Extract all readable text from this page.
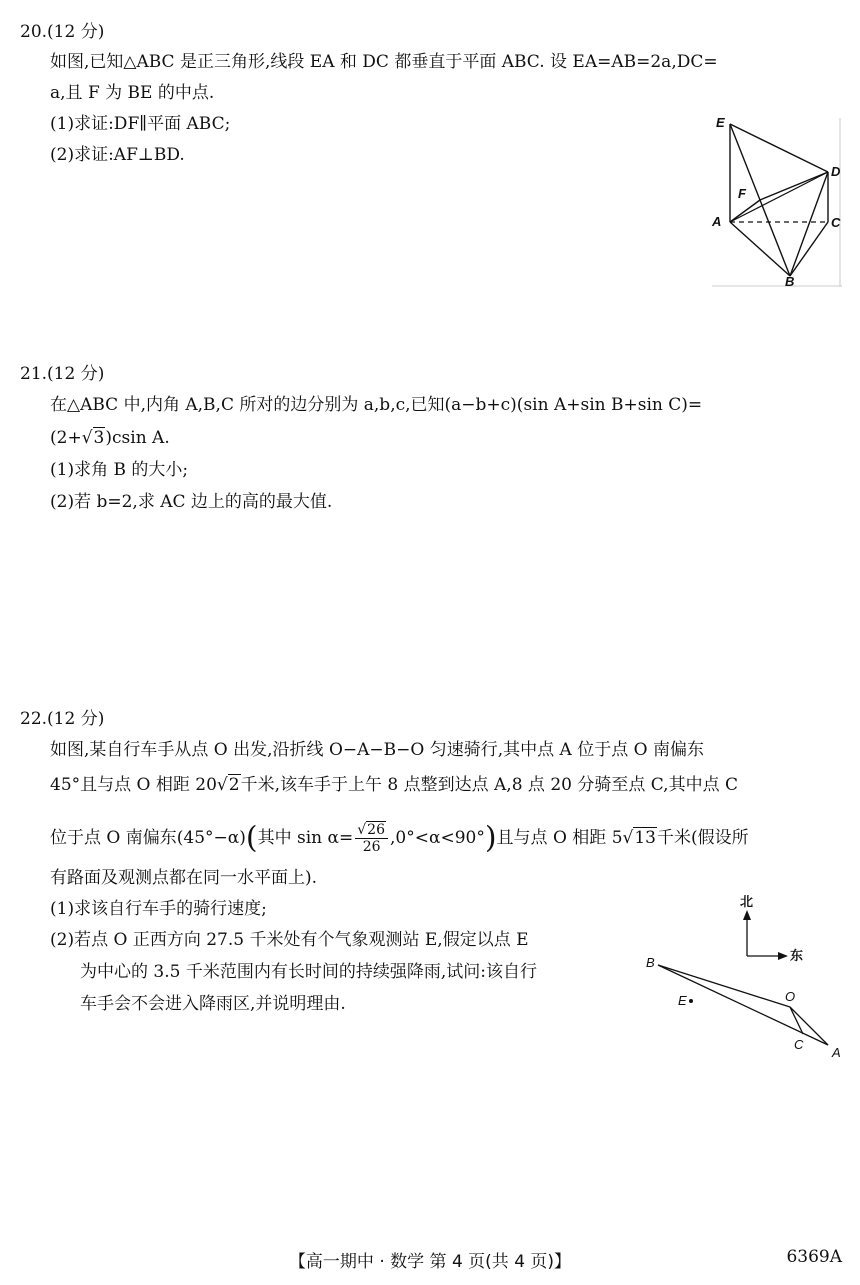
20.(12 分)
如图,已知△ABC 是正三角形,线段 EA 和 DC 都垂直于平面 ABC. 设 EA=AB=2a,DC=
a,且 F 为 BE 的中点.
(1)求证:DF∥平面 ABC;
(2)求证:AF⊥BD.
E
D
F
A	C
B
21.(12 分)
在△ABC 中,内角 A,B,C 所对的边分别为 a,b,c,已知(a−b+c)(sin A+sin B+sin C)=
(2+√3)csin A.
(1)求角 B 的大小;
(2)若 b=2,求 AC 边上的高的最大值.
22.(12 分)
如图,某自行车手从点 O 出发,沿折线 O−A−B−O 匀速骑行,其中点 A 位于点 O 南偏东
45°且与点 O 相距 20√2千米,该车手于上午 8 点整到达点 A,8 点 20 分骑至点 C,其中点 C
位于点 O 南偏东(45°−α)(其中 $\sin \alpha= \frac{√26}{26} ,0^\circ<\alpha<90^\circ$)且与点 O 相距 5√13千米(假设所
有路面及观测点都在同一水平面上).
(1)求该自行车手的骑行速度;
(2)若点 O 正西方向 27.5 千米处有个气象观测站 E,假定以点 E
为中心的 3.5 千米范围内有长时间的持续强降雨,试问:该自行
车手会不会进入降雨区,并说明理由.
北
东
B
E	O
C
A
【高一期中 · 数学 第 4 页(共 4 页)】	6369A
